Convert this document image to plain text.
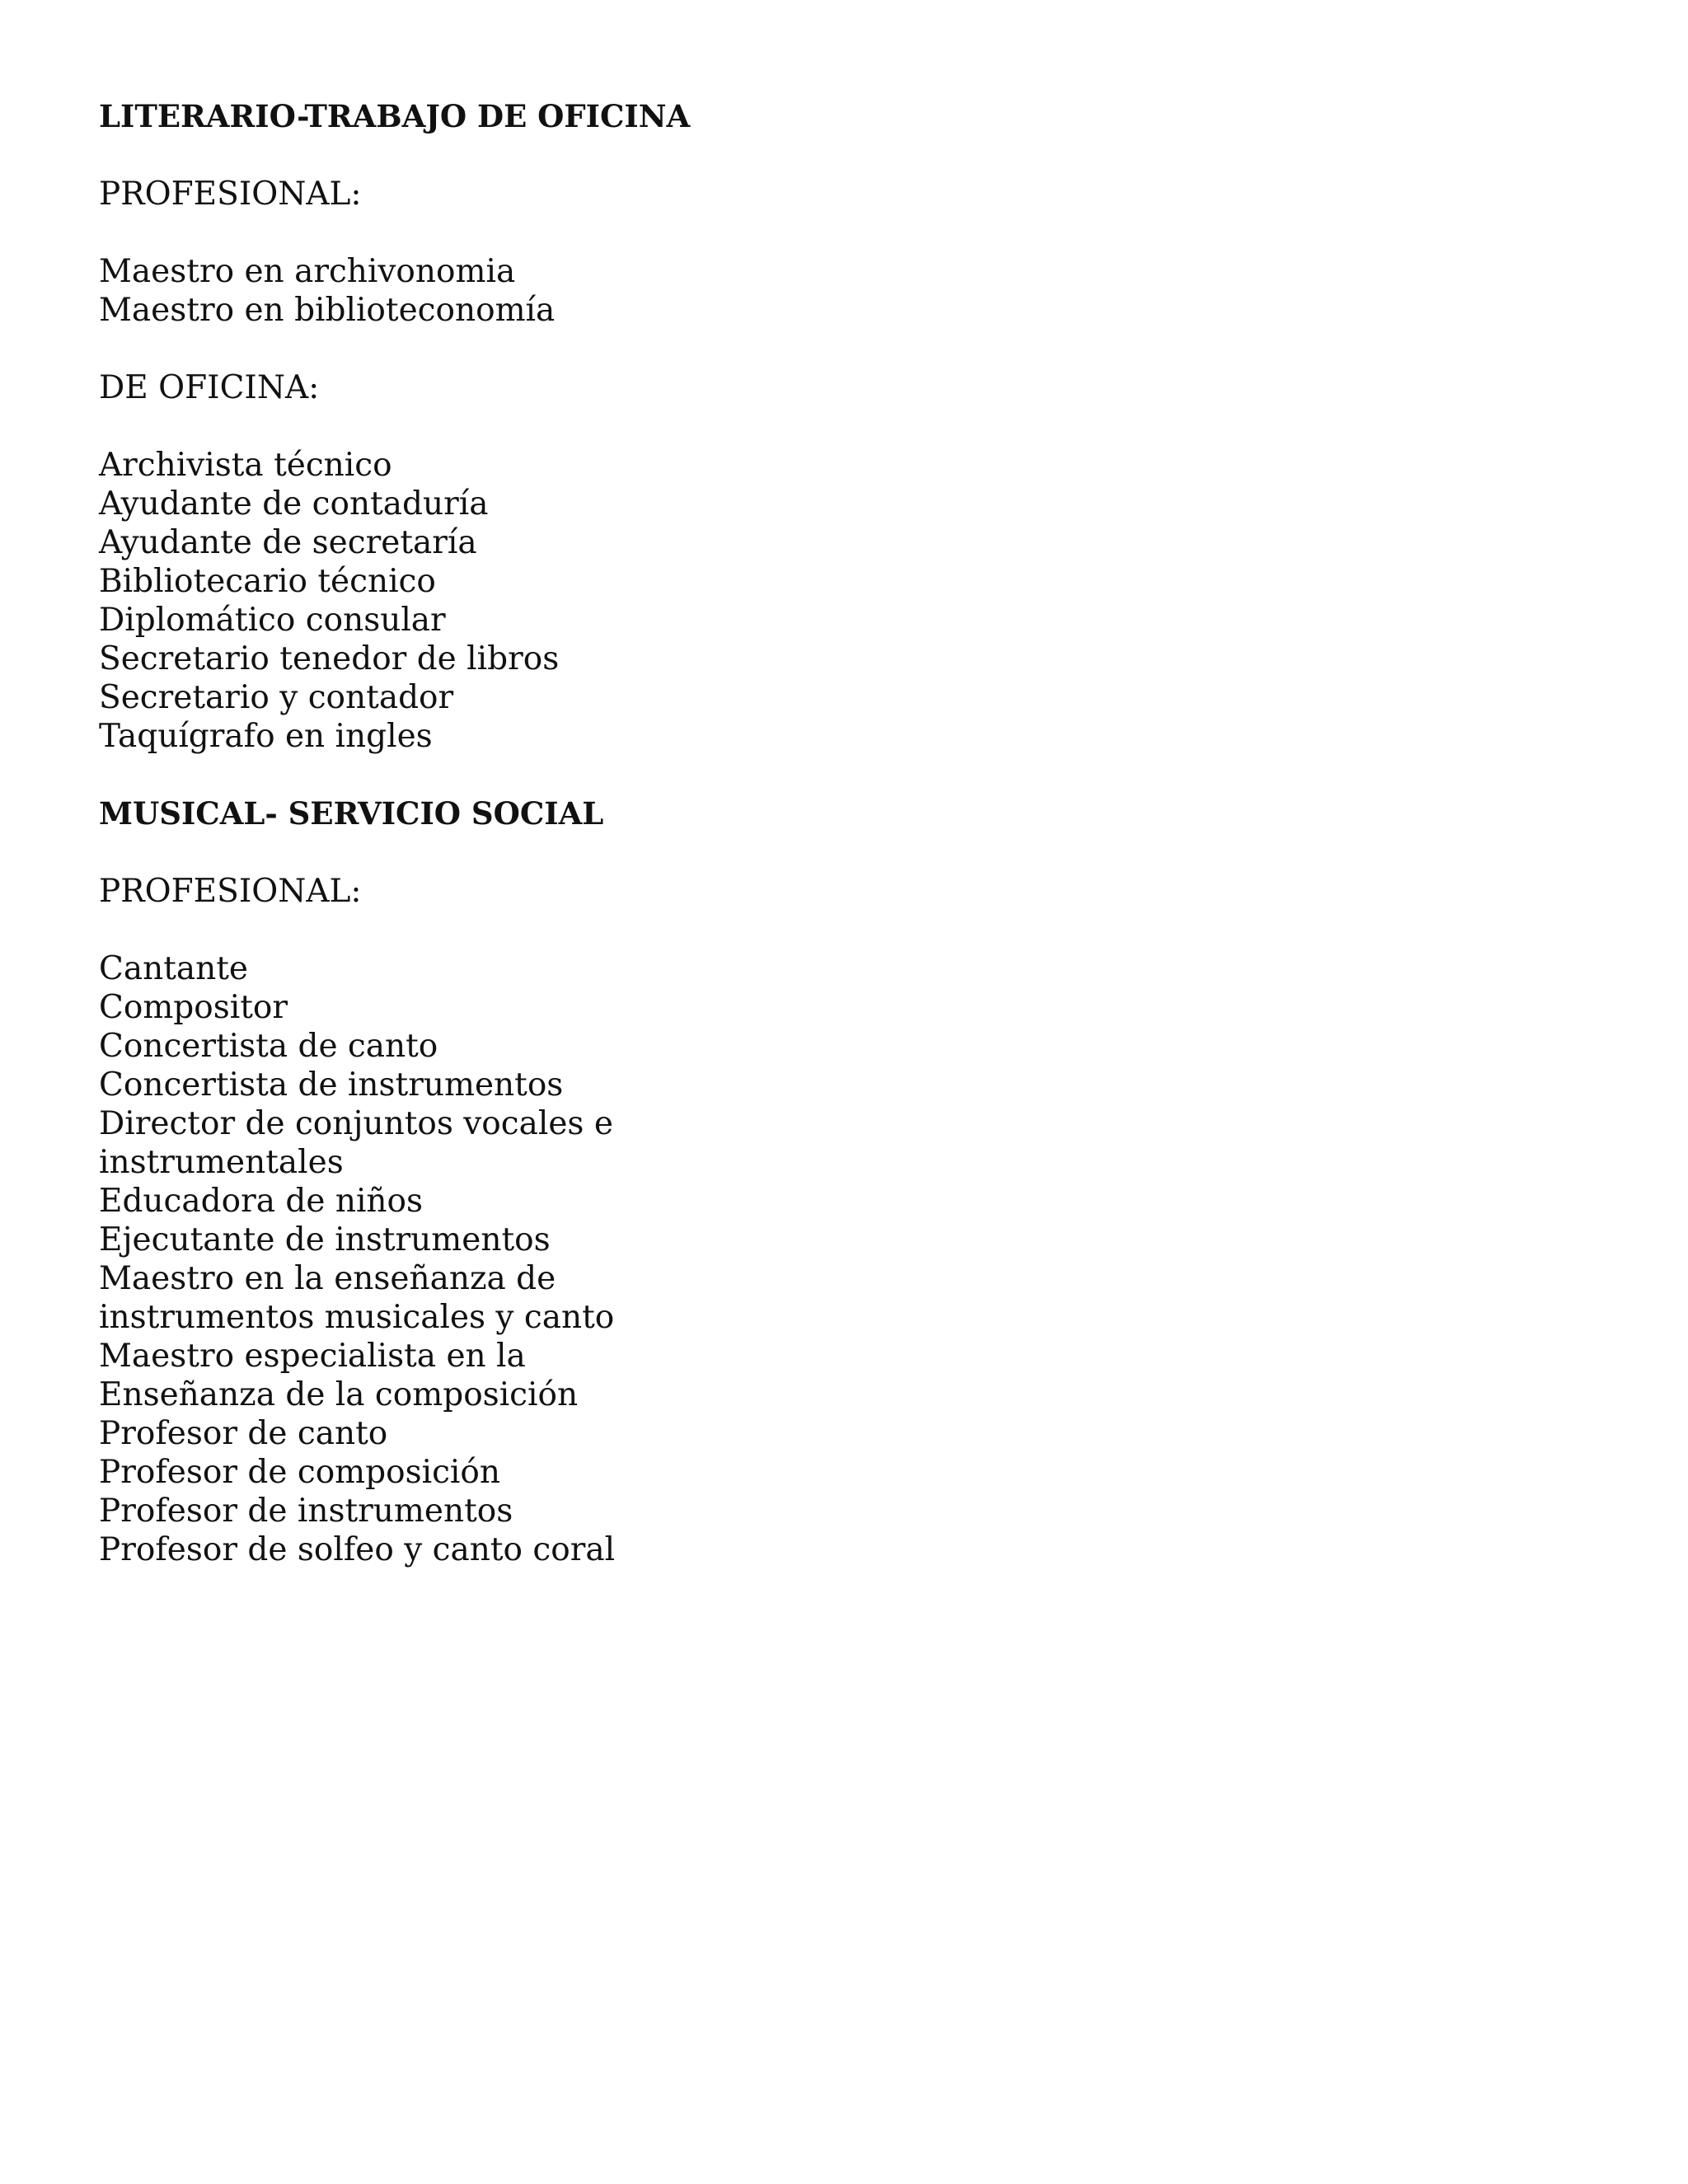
LITERARIO-TRABAJO DE OFICINA
PROFESIONAL:
Maestro en archivonomia
Maestro en biblioteconomía
DE OFICINA:
Archivista técnico
Ayudante de contaduría
Ayudante de secretaría
Bibliotecario técnico
Diplomático consular
Secretario tenedor de libros
Secretario y contador
Taquígrafo en ingles
MUSICAL- SERVICIO SOCIAL
PROFESIONAL:
Cantante
Compositor
Concertista de canto
Concertista de instrumentos
Director de conjuntos vocales e
instrumentales
Educadora de niños
Ejecutante de instrumentos
Maestro en la enseñanza de
instrumentos musicales y canto
Maestro especialista en la
Enseñanza de la composición
Profesor de canto
Profesor de composición
Profesor de instrumentos
Profesor de solfeo y canto coral
